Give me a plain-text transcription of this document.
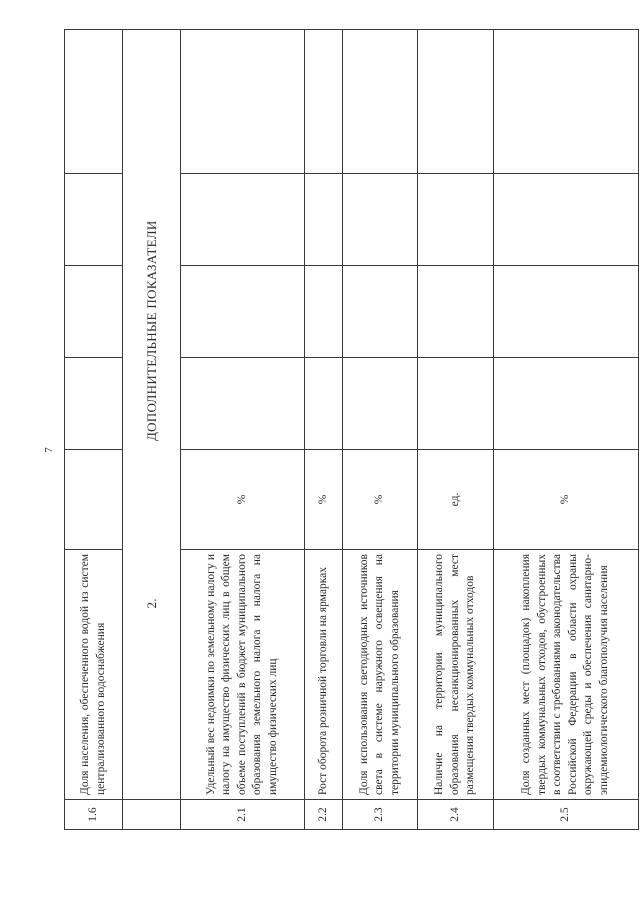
7
1.6	Доля населения, обеспеченного водой из систем централизованного водоснабжения					
	2.  ДОПОЛНИТЕЛЬНЫЕ ПОКАЗАТЕЛИ					
2.1	Удельный вес недоимки по земельному налогу и налогу на имущество физических лиц в общем объеме поступлений в бюджет муниципального образования земельного налога и налога на имущество физических лиц	%				
2.2	Рост оборота розничной торговли на ярмарках	%				
2.3	Доля использования светодиодных источников света в системе наружного освещения на территории муниципального образования	%				
2.4	Наличие на территории муниципального образования несанкционированных мест размещения твердых коммунальных отходов	ед.				
2.5	Доля созданных мест (площадок) накопления твердых коммунальных отходов, обустроенных в соответствии с требованиями законодательства Российской Федерации в области охраны окружающей среды и обеспечения санитарно-эпидемиологического благополучия населения	%				
